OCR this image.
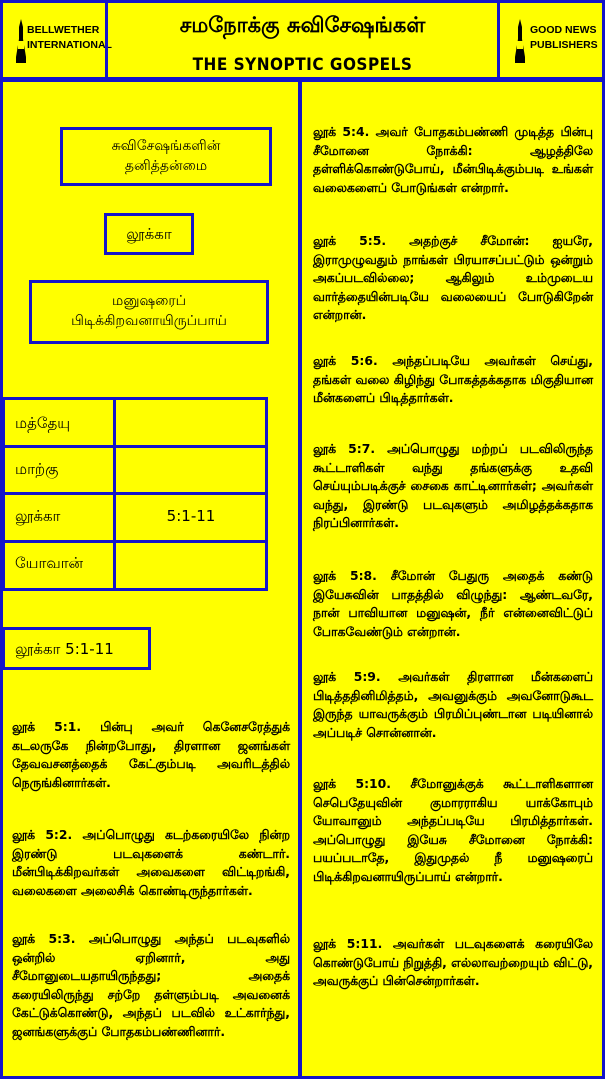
BELLWETHER
INTERNATIONAL
சமநோக்கு சுவிசேஷங்கள்
THE SYNOPTIC GOSPELS
GOOD NEWS
PUBLISHERS
சுவிசேஷங்களின் தனித்தன்மை
லூக்கா
மனுஷரைப் பிடிக்கிறவனாயிருப்பாய்
மத்தேயு
மாற்கு
லூக்கா	5:1-11
யோவான்
லூக்கா 5:1-11
லூக் 5:1. பின்பு அவர் கெனேசரேத்துக் கடலருகே நின்றபோது, திரளான ஜனங்கள் தேவவசனத்தைக் கேட்கும்படி அவரிடத்தில் நெருங்கினார்கள்.
லூக் 5:2. அப்பொழுது கடற்கரையிலே நின்ற இரண்டு படவுகளைக் கண்டார். மீன்பிடிக்கிறவர்கள் அவைகளை விட்டிறங்கி, வலைகளை அலைசிக் கொண்டிருந்தார்கள்.
லூக் 5:3. அப்பொழுது அந்தப் படவுகளில் ஒன்றில் ஏறினார், அது சீமோனுடையதாயிருந்தது; அதைக் கரையிலிருந்து சற்றே தள்ளும்படி அவனைக் கேட்டுக்கொண்டு, அந்தப் படவில் உட்கார்ந்து, ஜனங்களுக்குப் போதகம்பண்ணினார்.
லூக் 5:4. அவர் போதகம்பண்ணி முடித்த பின்பு சீமோனை நோக்கி: ஆழத்திலே தள்ளிக்கொண்டுபோய், மீன்பிடிக்கும்படி உங்கள் வலைகளைப் போடுங்கள் என்றார்.
லூக் 5:5. அதற்குச் சீமோன்: ஐயரே, இராமுழுவதும் நாங்கள் பிரயாசப்பட்டும் ஒன்றும் அகப்படவில்லை; ஆகிலும் உம்முடைய வார்த்தையின்படியே வலையைப் போடுகிறேன் என்றான்.
லூக் 5:6. அந்தப்படியே அவர்கள் செய்து, தங்கள் வலை கிழிந்து போகத்தக்கதாக மிகுதியான மீன்களைப் பிடித்தார்கள்.
லூக் 5:7. அப்பொழுது மற்றப் படவிலிருந்த கூட்டாளிகள் வந்து தங்களுக்கு உதவி செய்யும்படிக்குச் சைகை காட்டினார்கள்; அவர்கள் வந்து, இரண்டு படவுகளும் அமிழத்தக்கதாக நிரப்பினார்கள்.
லூக் 5:8. சீமோன் பேதுரு அதைக் கண்டு இயேசுவின் பாதத்தில் விழுந்து: ஆண்டவரே, நான் பாவியான மனுஷன், நீர் என்னைவிட்டுப் போகவேண்டும் என்றான்.
லூக் 5:9. அவர்கள் திரளான மீன்களைப் பிடித்ததினிமித்தம், அவனுக்கும் அவனோடுகூட இருந்த யாவருக்கும் பிரமிப்புண்டான படியினால் அப்படிச் சொன்னான்.
லூக் 5:10. சீமோனுக்குக் கூட்டாளிகளான செபெதேயுவின் குமாரராகிய யாக்கோபும் யோவானும் அந்தப்படியே பிரமித்தார்கள். அப்பொழுது இயேசு சீமோனை நோக்கி: பயப்படாதே, இதுமுதல் நீ மனுஷரைப் பிடிக்கிறவனாயிருப்பாய் என்றார்.
லூக் 5:11. அவர்கள் படவுகளைக் கரையிலே கொண்டுபோய் நிறுத்தி, எல்லாவற்றையும் விட்டு, அவருக்குப் பின்சென்றார்கள்.
